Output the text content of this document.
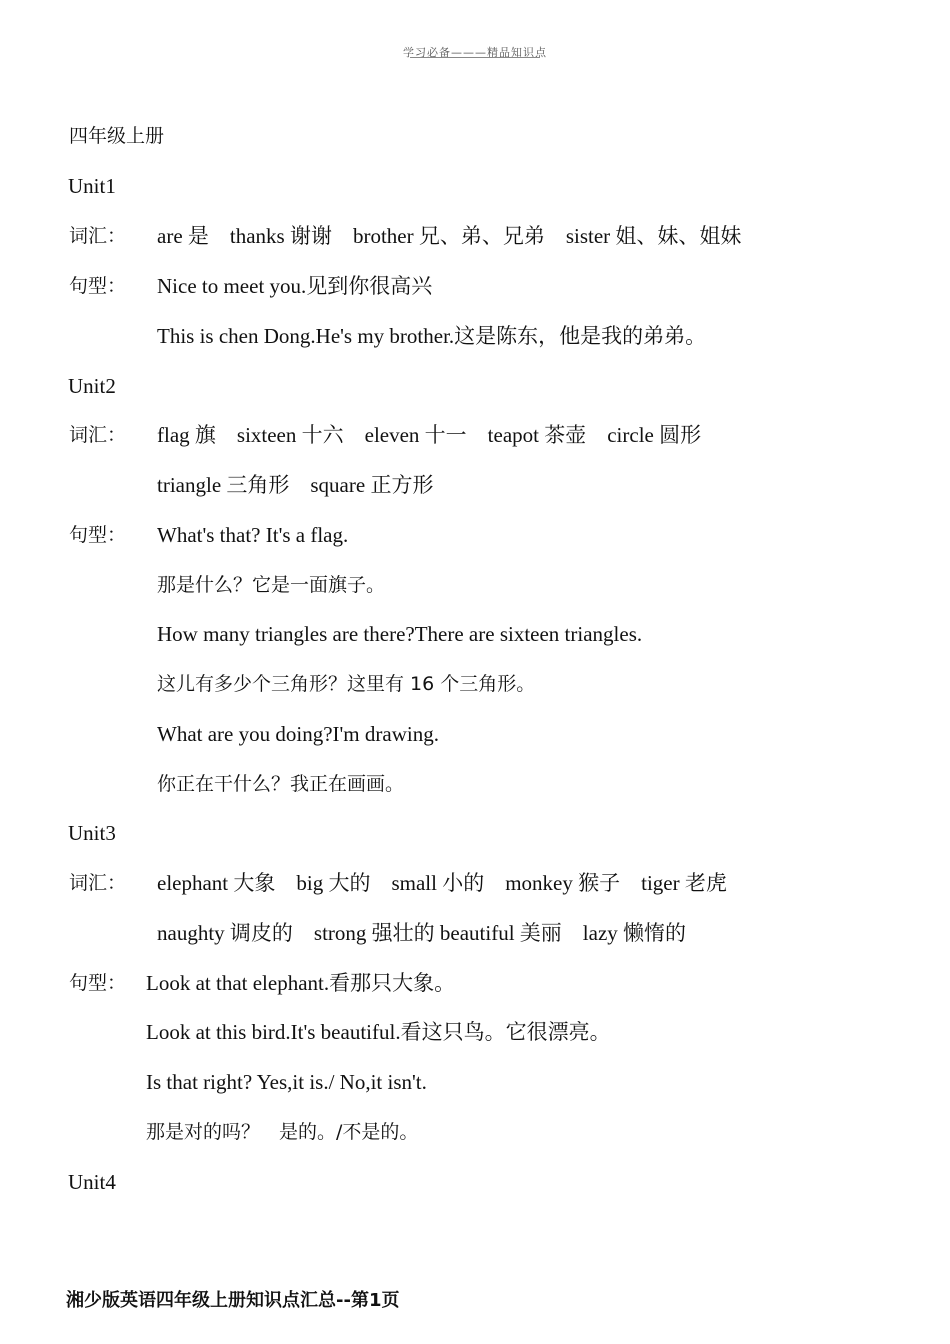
学习必备———精品知识点
四年级上册
Unit1
词汇： are 是　thanks 谢谢　brother 兄、弟、兄弟　sister 姐、妹、姐妹
句型： Nice to meet you.见到你很高兴
This is chen Dong.He's my brother.这是陈东，他是我的弟弟。
Unit2
词汇： flag 旗　sixteen 十六　eleven 十一　teapot 茶壶　circle 圆形
triangle 三角形　square 正方形
句型： What's that? It's a flag.
那是什么？它是一面旗子。
How many triangles are there?There are sixteen triangles.
这儿有多少个三角形？这里有 16 个三角形。
What are you doing?I'm drawing.
你正在干什么？我正在画画。
Unit3
词汇： elephant 大象　big 大的　small 小的　monkey 猴子　tiger 老虎
naughty 调皮的　strong 强壮的 beautiful 美丽　lazy 懒惰的
句型： Look at that elephant.看那只大象。
Look at this bird.It's beautiful.看这只鸟。它很漂亮。
Is that right? Yes,it is./ No,it isn't.
那是对的吗？　是的。/不是的。
Unit4
湘少版英语四年级上册知识点汇总--第1页
